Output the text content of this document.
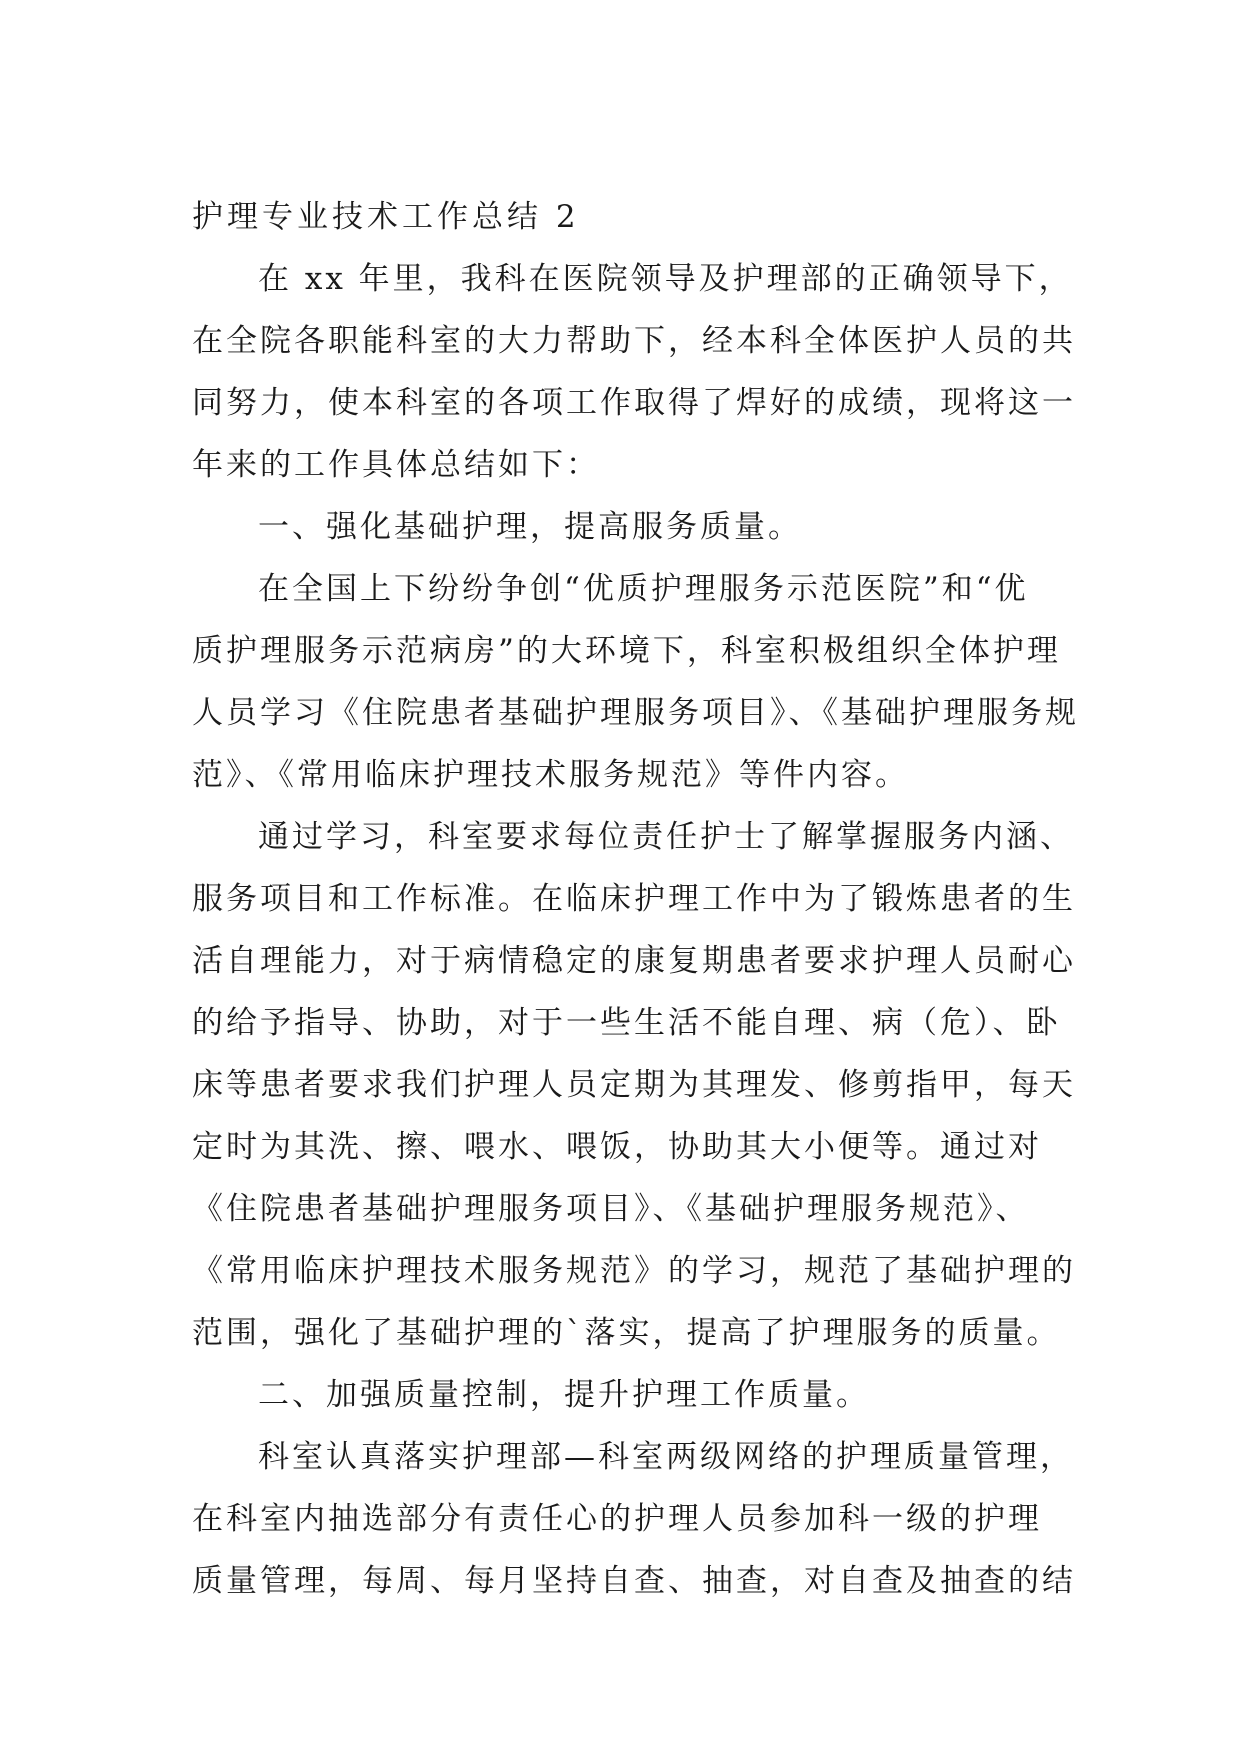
护理专业技术工作总结 2
在 xx 年里，我科在医院领导及护理部的正确领导下，
在全院各职能科室的大力帮助下，经本科全体医护人员的共
同努力，使本科室的各项工作取得了焊好的成绩，现将这一
年来的工作具体总结如下：
一、强化基础护理，提高服务质量。
在全国上下纷纷争创“优质护理服务示范医院”和“优
质护理服务示范病房”的大环境下，科室积极组织全体护理
人员学习《住院患者基础护理服务项目》、《基础护理服务规
范》、《常用临床护理技术服务规范》等件内容。
通过学习，科室要求每位责任护士了解掌握服务内涵、
服务项目和工作标准。在临床护理工作中为了锻炼患者的生
活自理能力，对于病情稳定的康复期患者要求护理人员耐心
的给予指导、协助，对于一些生活不能自理、病（危）、卧
床等患者要求我们护理人员定期为其理发、修剪指甲，每天
定时为其洗、擦、喂水、喂饭，协助其大小便等。通过对
《住院患者基础护理服务项目》、《基础护理服务规范》、
《常用临床护理技术服务规范》的学习，规范了基础护理的
范围，强化了基础护理的`落实，提高了护理服务的质量。
二、加强质量控制，提升护理工作质量。
科室认真落实护理部—科室两级网络的护理质量管理，
在科室内抽选部分有责任心的护理人员参加科一级的护理
质量管理，每周、每月坚持自查、抽查，对自查及抽查的结
